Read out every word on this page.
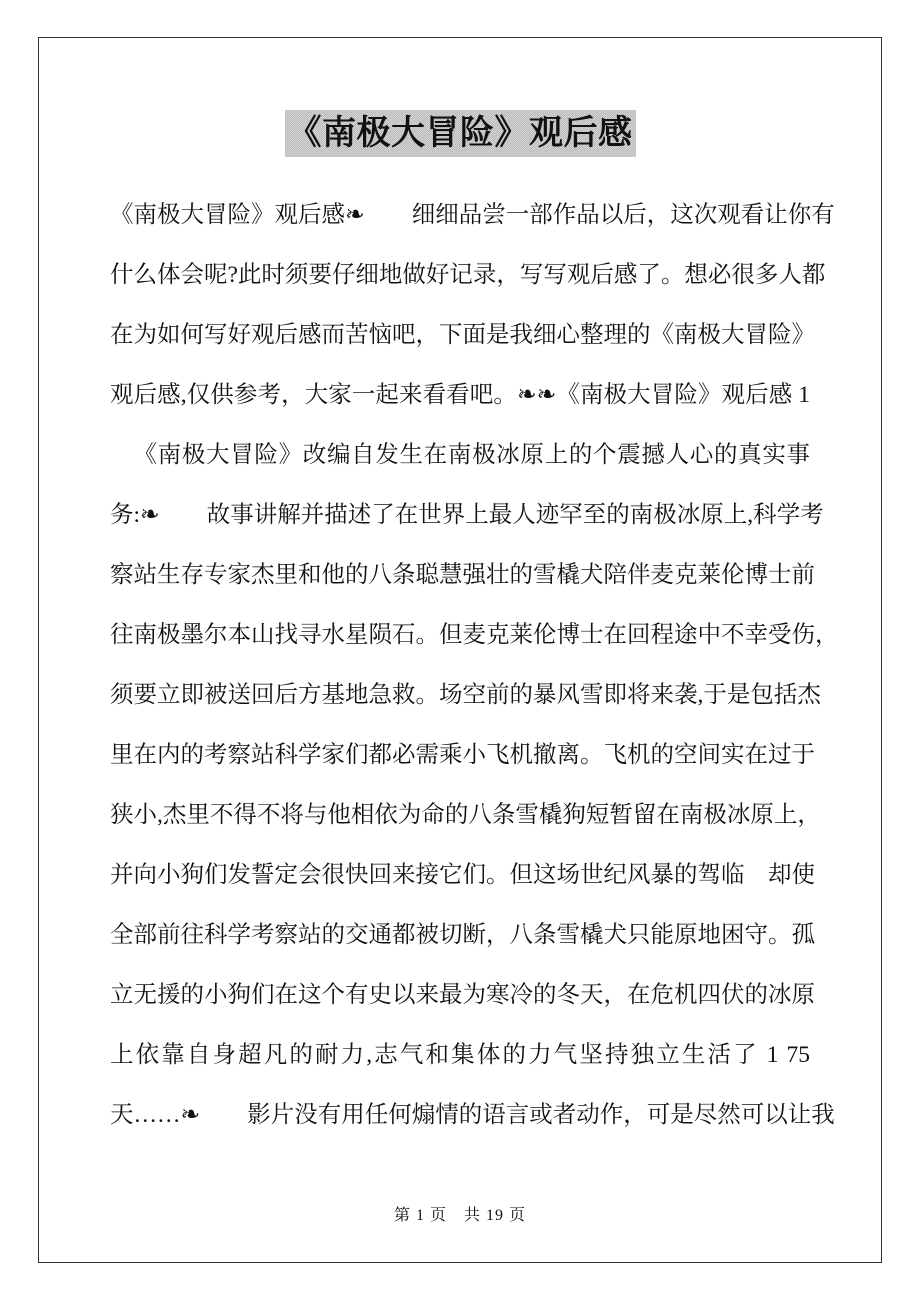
《南极大冒险》观后感
《南极大冒险》观后感❧　　细细品尝一部作品以后，这次观看让你有
什么体会呢?此时须要仔细地做好记录，写写观后感了。想必很多人都
在为如何写好观后感而苦恼吧，下面是我细心整理的《南极大冒险》
观后感,仅供参考，大家一起来看看吧。❧❧《南极大冒险》观后感 1
《南极大冒险》改编自发生在南极冰原上的个震撼人心的真实事
务:❧　　故事讲解并描述了在世界上最人迹罕至的南极冰原上,科学考
察站生存专家杰里和他的八条聪慧强壮的雪橇犬陪伴麦克莱伦博士前
往南极墨尔本山找寻水星陨石。但麦克莱伦博士在回程途中不幸受伤，
须要立即被送回后方基地急救。场空前的暴风雪即将来袭,于是包括杰
里在内的考察站科学家们都必需乘小飞机撤离。飞机的空间实在过于
狭小,杰里不得不将与他相依为命的八条雪橇狗短暂留在南极冰原上，
并向小狗们发誓定会很快回来接它们。但这场世纪风暴的驾临　却使
全部前往科学考察站的交通都被切断，八条雪橇犬只能原地困守。孤
立无援的小狗们在这个有史以来最为寒冷的冬天，在危机四伏的冰原
上依靠自身超凡的耐力,志气和集体的力气坚持独立生活了 1 75
天……❧　　影片没有用任何煽情的语言或者动作，可是尽然可以让我
第 1 页　共 19 页
